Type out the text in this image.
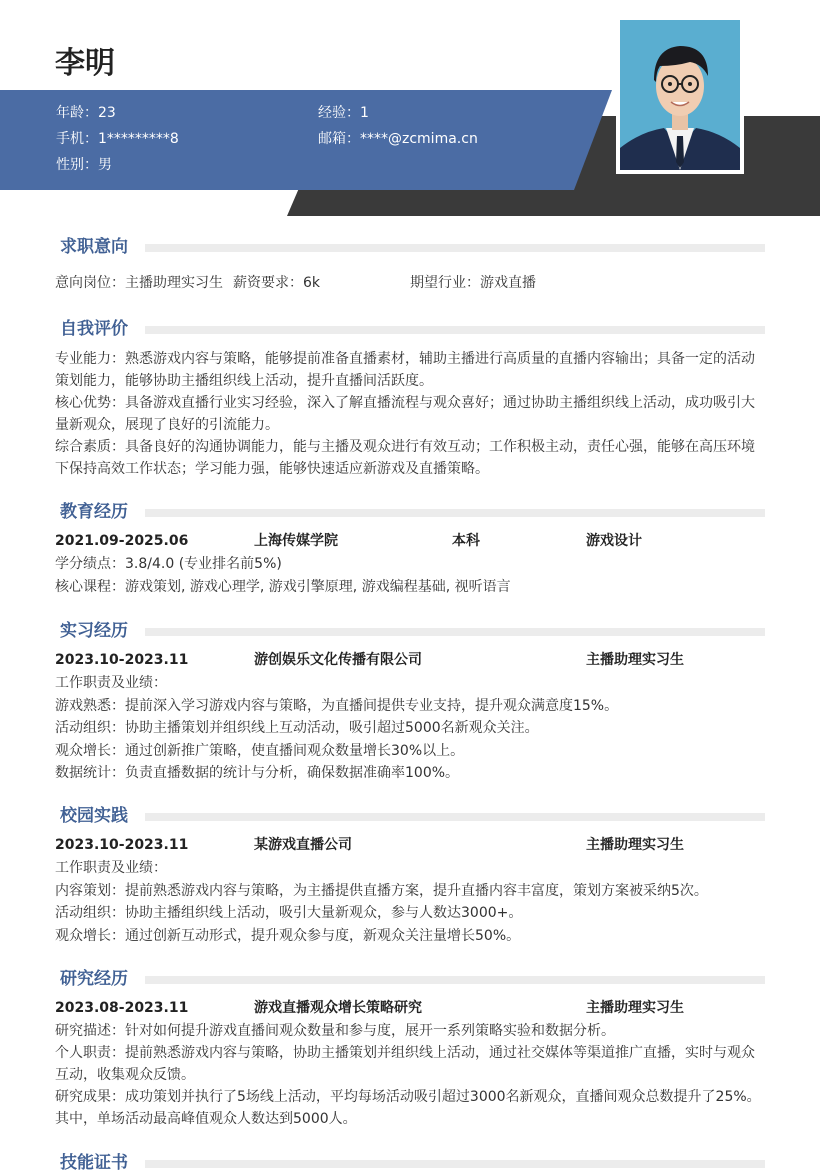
李明
年龄：23	经验：1
手机：1*********8	邮箱：****@zcmima.cn
性别：男
求职意向
意向岗位：主播助理实习生 薪资要求：6k	期望行业：游戏直播
自我评价
专业能力：熟悉游戏内容与策略，能够提前准备直播素材，辅助主播进行高质量的直播内容输出；具备一定的活动策划能力，能够协助主播组织线上活动，提升直播间活跃度。
核心优势：具备游戏直播行业实习经验，深入了解直播流程与观众喜好；通过协助主播组织线上活动，成功吸引大量新观众，展现了良好的引流能力。
综合素质：具备良好的沟通协调能力，能与主播及观众进行有效互动；工作积极主动，责任心强，能够在高压环境下保持高效工作状态；学习能力强，能够快速适应新游戏及直播策略。
教育经历
2021.09-2025.06	上海传媒学院	本科	游戏设计
学分绩点：3.8/4.0 (专业排名前5%)
核心课程：游戏策划, 游戏心理学, 游戏引擎原理, 游戏编程基础, 视听语言
实习经历
2023.10-2023.11	游创娱乐文化传播有限公司	主播助理实习生
工作职责及业绩：
游戏熟悉：提前深入学习游戏内容与策略，为直播间提供专业支持，提升观众满意度15%。
活动组织：协助主播策划并组织线上互动活动，吸引超过5000名新观众关注。
观众增长：通过创新推广策略，使直播间观众数量增长30%以上。
数据统计：负责直播数据的统计与分析，确保数据准确率100%。
校园实践
2023.10-2023.11	某游戏直播公司	主播助理实习生
工作职责及业绩：
内容策划：提前熟悉游戏内容与策略，为主播提供直播方案，提升直播内容丰富度，策划方案被采纳5次。
活动组织：协助主播组织线上活动，吸引大量新观众，参与人数达3000+。
观众增长：通过创新互动形式，提升观众参与度，新观众关注量增长50%。
研究经历
2023.08-2023.11	游戏直播观众增长策略研究	主播助理实习生
研究描述：针对如何提升游戏直播间观众数量和参与度，展开一系列策略实验和数据分析。
个人职责：提前熟悉游戏内容与策略，协助主播策划并组织线上活动，通过社交媒体等渠道推广直播，实时与观众互动，收集观众反馈。
研究成果：成功策划并执行了5场线上活动，平均每场活动吸引超过3000名新观众，直播间观众总数提升了25%。其中，单场活动最高峰值观众人数达到5000人。
技能证书
